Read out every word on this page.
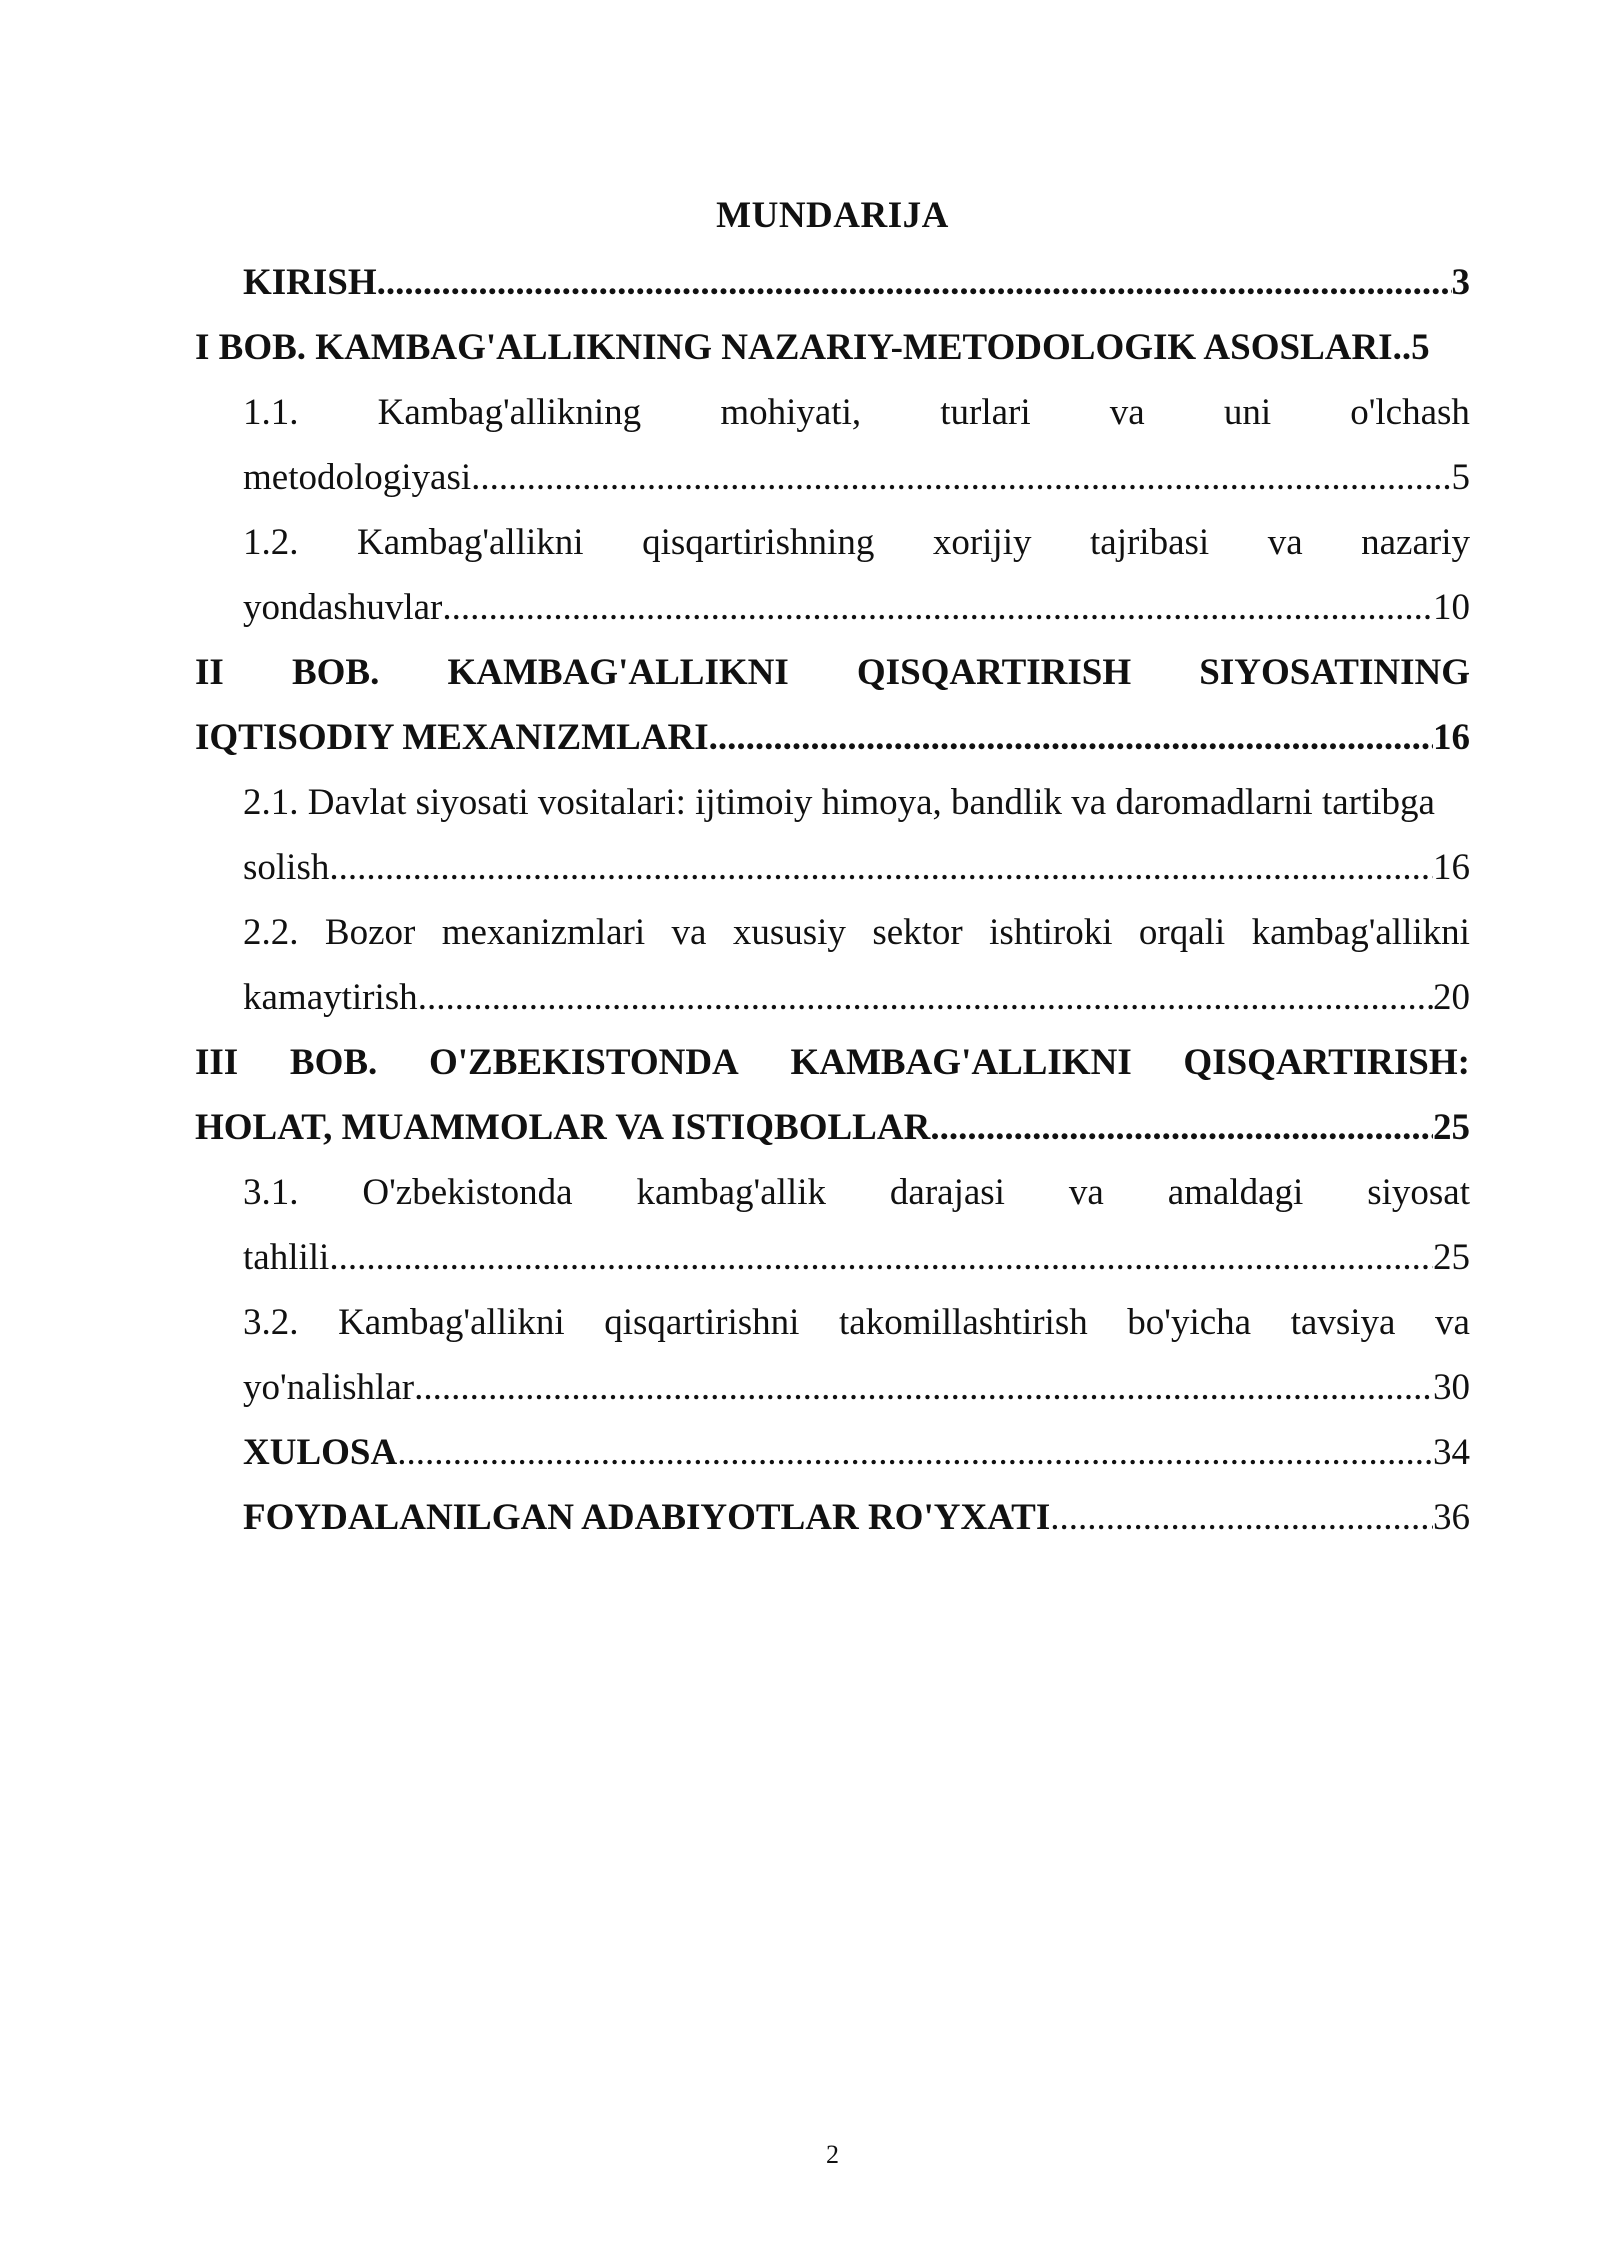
MUNDARIJA
KIRISH .....	3
I BOB. KAMBAG'ALLIKNING NAZARIY-METODOLOGIK ASOSLARI..5
1.1. Kambag'allikning mohiyati, turlari va uni o'lchash
metodologiyasi .....	5
1.2. Kambag'allikni qisqartirishning xorijiy tajribasi va nazariy
yondashuvlar .....	10
II BOB. KAMBAG'ALLIKNI QISQARTIRISH SIYOSATINING
IQTISODIY MEXANIZMLARI .....	16
2.1. Davlat siyosati vositalari: ijtimoiy himoya, bandlik va daromadlarni tartibga
solish .....	16
2.2. Bozor mexanizmlari va xususiy sektor ishtiroki orqali kambag'allikni
kamaytirish .....	20
III BOB. O'ZBEKISTONDA KAMBAG'ALLIKNI QISQARTIRISH:
HOLAT, MUAMMOLAR VA ISTIQBOLLAR .....	25
3.1. O'zbekistonda kambag'allik darajasi va amaldagi siyosat
tahlili .....	25
3.2. Kambag'allikni qisqartirishni takomillashtirish bo'yicha tavsiya va
yo'nalishlar .....	30
XULOSA .....	34
FOYDALANILGAN ADABIYOTLAR RO'YXATI .....	36
2
